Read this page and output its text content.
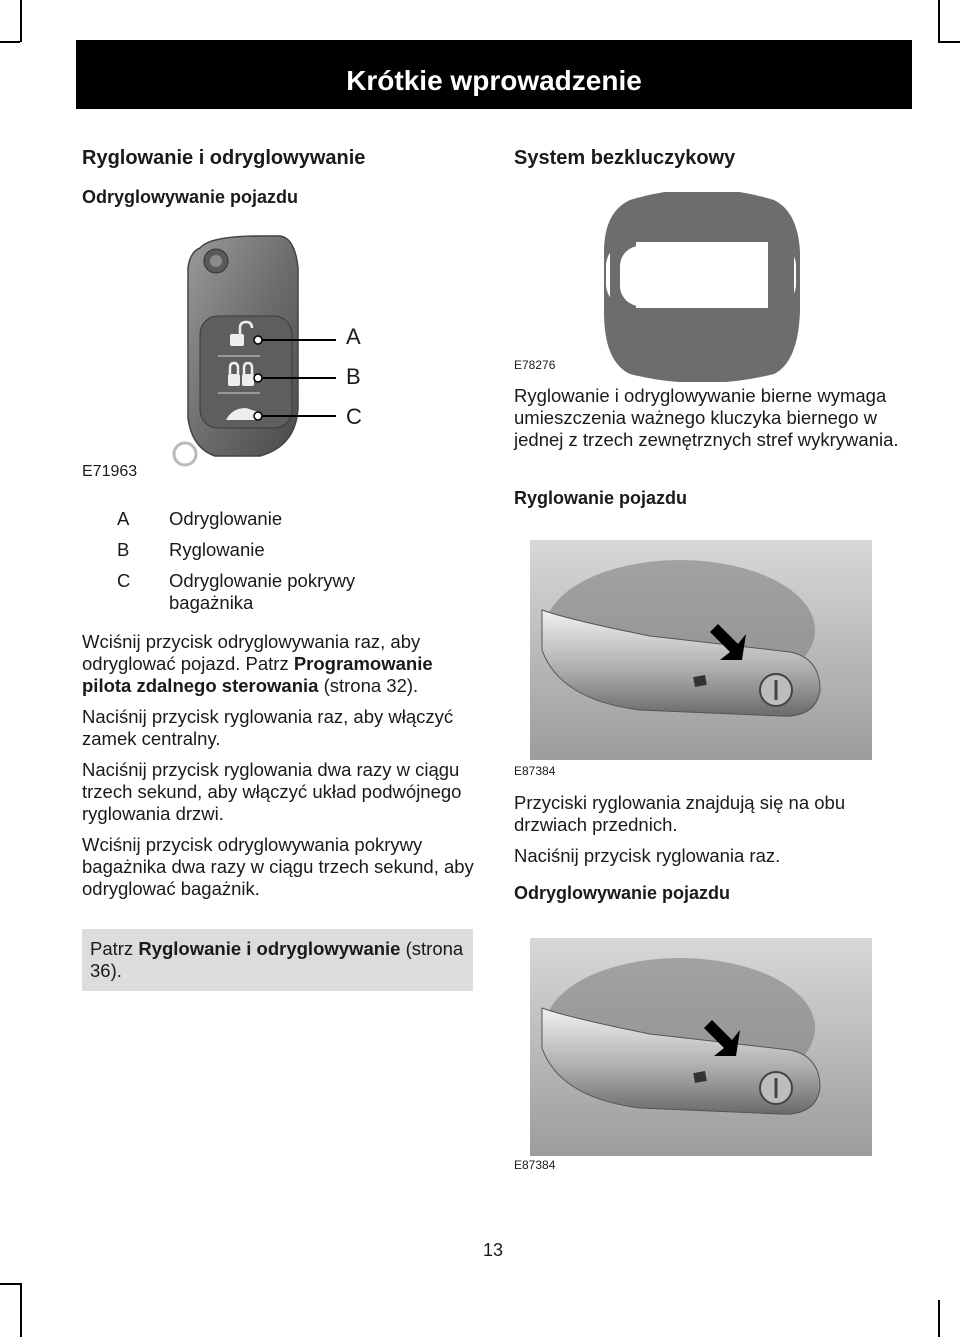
Krótkie wprowadzenie
Ryglowanie i odryglowywanie
Odryglowywanie pojazdu
A
B
C
E71963
A Odryglowanie
B Ryglowanie
C Odryglowanie pokrywy bagażnika

Wciśnij przycisk odryglowywania raz, aby odryglować pojazd. Patrz Programowanie pilota zdalnego sterowania (strona 32).

Naciśnij przycisk ryglowania raz, aby włączyć zamek centralny.

Naciśnij przycisk ryglowania dwa razy w ciągu trzech sekund, aby włączyć układ podwójnego ryglowania drzwi.

Wciśnij przycisk odryglowywania pokrywy bagażnika dwa razy w ciągu trzech sekund, aby odryglować bagażnik.

Patrz Ryglowanie i odryglowywanie (strona 36).
System bezkluczykowy
E78276
Ryglowanie i odryglowywanie bierne wymaga umieszczenia ważnego kluczyka biernego w jednej z trzech zewnętrznych stref wykrywania.
Ryglowanie pojazdu
E87384

Przyciski ryglowania znajdują się na obu drzwiach przednich.

Naciśnij przycisk ryglowania raz.

Odryglowywanie pojazdu
E87384
13
